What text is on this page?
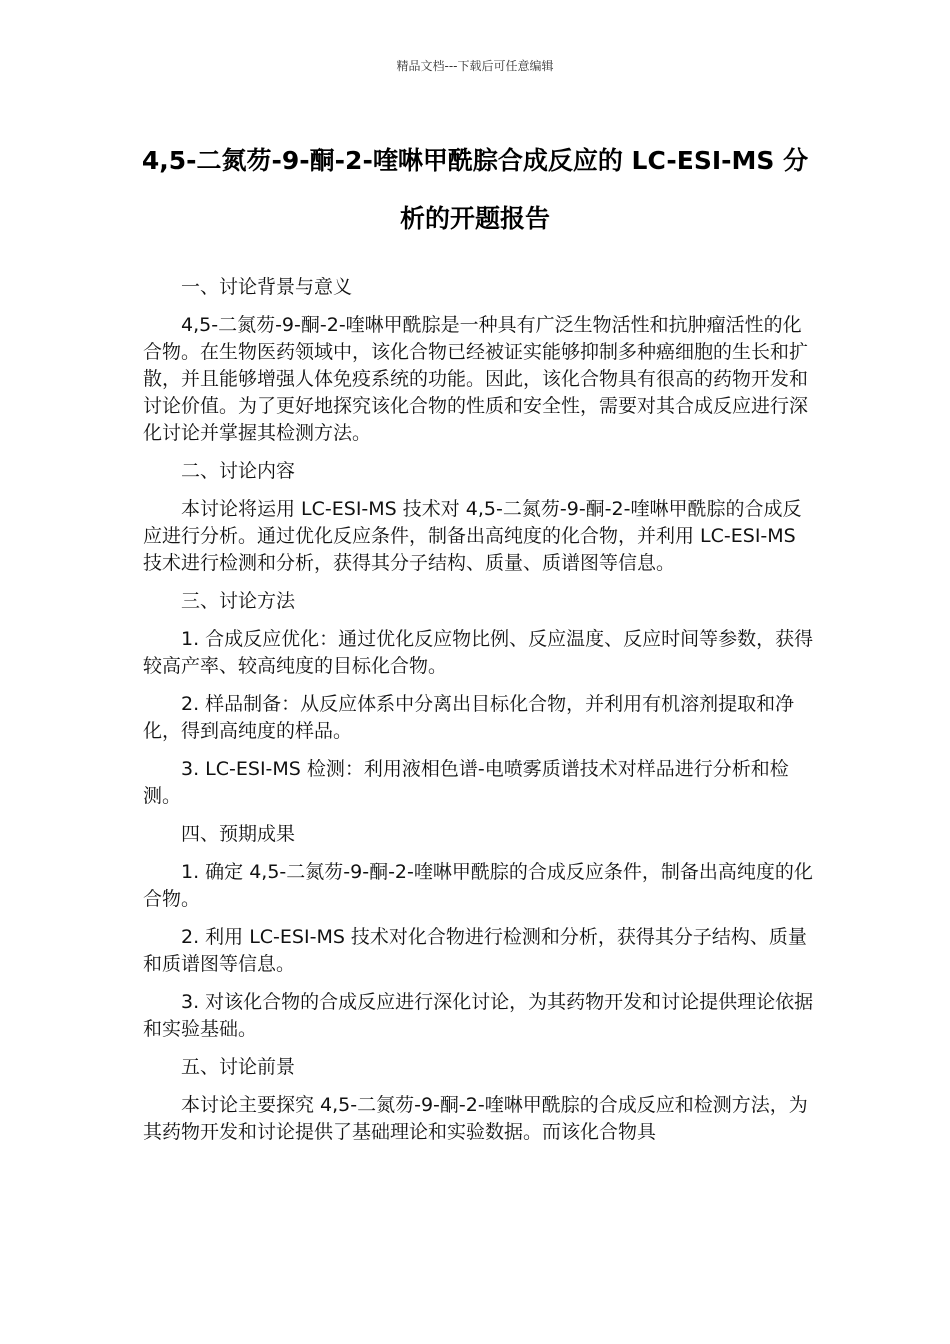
精品文档---下载后可任意编辑
4,5-二氮芴-9-酮-2-喹啉甲酰腙合成反应的 LC-ESI-MS 分析的开题报告

一、讨论背景与意义

4,5-二氮芴-9-酮-2-喹啉甲酰腙是一种具有广泛生物活性和抗肿瘤活性的化合物。在生物医药领域中，该化合物已经被证实能够抑制多种癌细胞的生长和扩散，并且能够增强人体免疫系统的功能。因此，该化合物具有很高的药物开发和讨论价值。为了更好地探究该化合物的性质和安全性，需要对其合成反应进行深化讨论并掌握其检测方法。

二、讨论内容

本讨论将运用 LC-ESI-MS 技术对 4,5-二氮芴-9-酮-2-喹啉甲酰腙的合成反应进行分析。通过优化反应条件，制备出高纯度的化合物，并利用 LC-ESI-MS 技术进行检测和分析，获得其分子结构、质量、质谱图等信息。

三、讨论方法

1. 合成反应优化：通过优化反应物比例、反应温度、反应时间等参数，获得较高产率、较高纯度的目标化合物。

2. 样品制备：从反应体系中分离出目标化合物，并利用有机溶剂提取和净化，得到高纯度的样品。

3. LC-ESI-MS 检测：利用液相色谱-电喷雾质谱技术对样品进行分析和检测。

四、预期成果

1. 确定 4,5-二氮芴-9-酮-2-喹啉甲酰腙的合成反应条件，制备出高纯度的化合物。

2. 利用 LC-ESI-MS 技术对化合物进行检测和分析，获得其分子结构、质量和质谱图等信息。

3. 对该化合物的合成反应进行深化讨论，为其药物开发和讨论提供理论依据和实验基础。

五、讨论前景

本讨论主要探究 4,5-二氮芴-9-酮-2-喹啉甲酰腙的合成反应和检测方法，为其药物开发和讨论提供了基础理论和实验数据。而该化合物具
